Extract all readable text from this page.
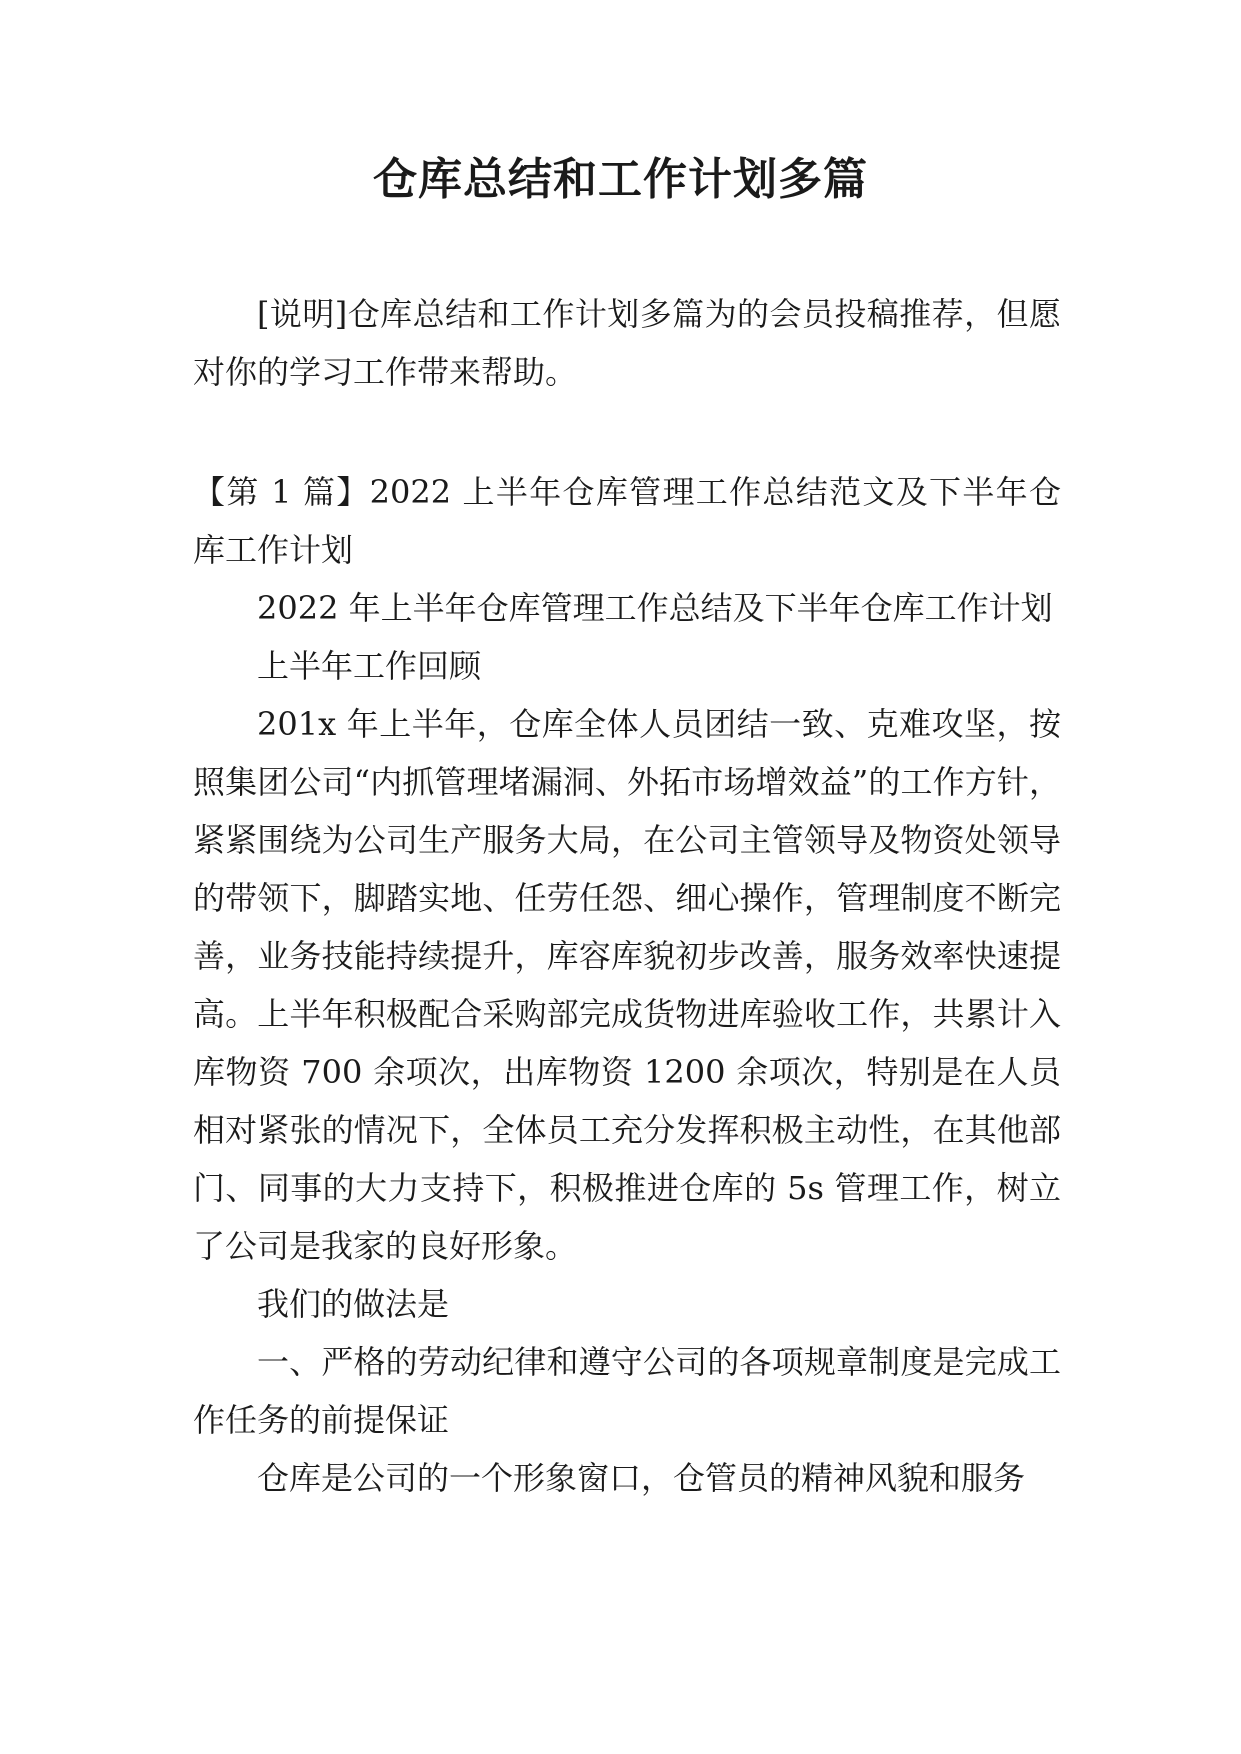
仓库总结和工作计划多篇

[说明]仓库总结和工作计划多篇为的会员投稿推荐，但愿对你的学习工作带来帮助。

【第 1 篇】2022 上半年仓库管理工作总结范文及下半年仓库工作计划

2022 年上半年仓库管理工作总结及下半年仓库工作计划

上半年工作回顾

201x 年上半年，仓库全体人员团结一致、克难攻坚，按照集团公司“内抓管理堵漏洞、外拓市场增效益”的工作方针，紧紧围绕为公司生产服务大局，在公司主管领导及物资处领导的带领下，脚踏实地、任劳任怨、细心操作，管理制度不断完善，业务技能持续提升，库容库貌初步改善，服务效率快速提高。上半年积极配合采购部完成货物进库验收工作，共累计入库物资 700 余项次，出库物资 1200 余项次，特别是在人员相对紧张的情况下，全体员工充分发挥积极主动性，在其他部门、同事的大力支持下，积极推进仓库的 5s 管理工作，树立了公司是我家的良好形象。

我们的做法是

一、严格的劳动纪律和遵守公司的各项规章制度是完成工作任务的前提保证

仓库是公司的一个形象窗口，仓管员的精神风貌和服务
